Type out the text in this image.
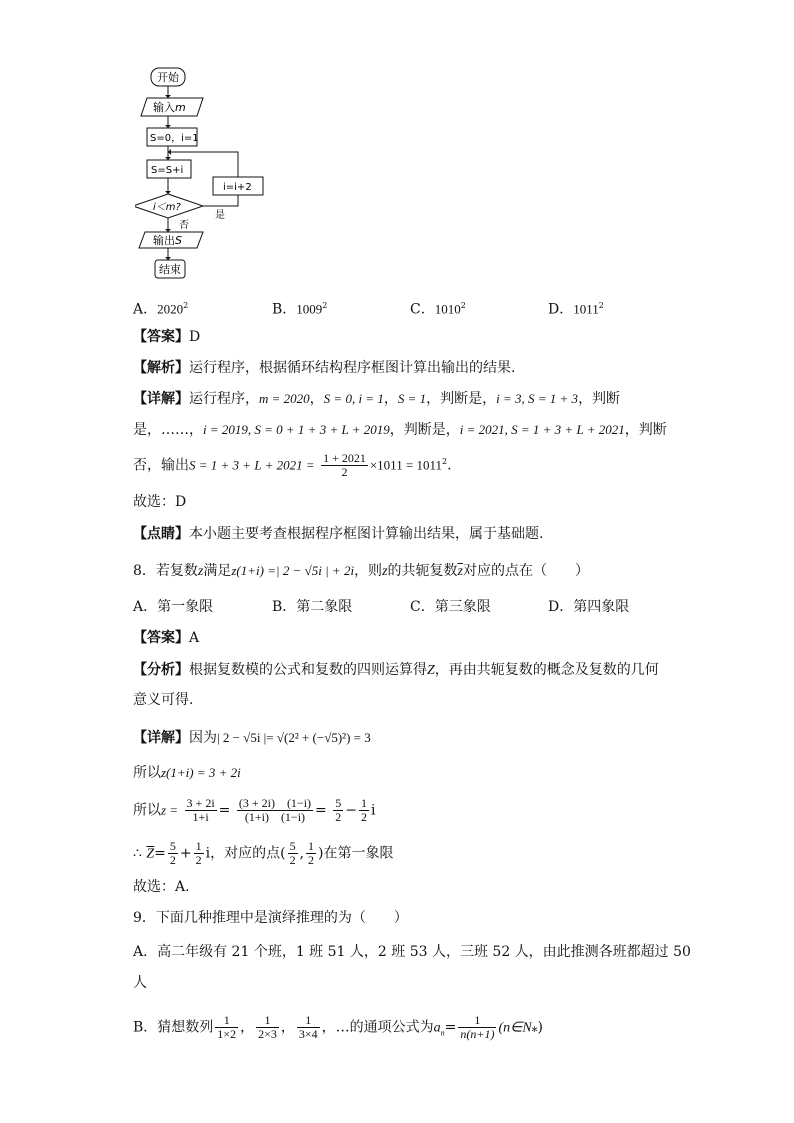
开始
输入m
S=0，i=1
S=S+i
i＜m?
i=i+2
是
否
输出S
结束
A．2020$^2$	B．1009$^2$	C．1010$^2$	D．1011$^2$
【答案】D
【解析】运行程序，根据循环结构程序框图计算出输出的结果.
【详解】运行程序，m = 2020，S = 0, i = 1，S = 1，判断是，i = 3, S = 1 + 3，判断
是，……，i = 2019, S = 0 + 1 + 3 + L + 2019，判断是，i = 2021, S = 1 + 3 + L + 2021，判断
否，输出$S = 1 + 3 + L + 2021 = \frac{1 + 2021}{2} \times 1011 = 1011^2$.
故选：D
【点睛】本小题主要考查根据程序框图计算输出结果，属于基础题.
8．若复数z满足z(1+i) =| 2 − √5i | + 2i，则z的共轭复数$\overline{z}$对应的点在（　　）
A．第一象限	B．第二象限	C．第三象限	D．第四象限
【答案】A
【分析】根据复数模的公式和复数的四则运算得Z，再由共轭复数的概念及复数的几何
意义可得.
【详解】因为| 2 − √5i |= √(2² + (−√5)²) = 3
所以z(1+i) = 3 + 2i
所以$z = \frac{3 + 2i}{1+i} = \frac{(3 + 2i) (1-i)}{(1+i) (1-i)} = \frac{5}{2} - \frac{1}{2}$ i
∴ $\overline{Z}= \frac{5}{2} + \frac{1}{2}$ i，对应的点( $\frac{5}{2}$ , $\frac{1}{2}$ )在第一象限
故选：A.
9．下面几种推理中是演绎推理的为（　　）
A．高二年级有 21 个班，1 班 51 人，2 班 53 人，三班 52 人，由此推测各班都超过 50
人
B．猜想数列 $\frac{1}{1\times 2}$ ， $\frac{1}{2\times 3}$ ， $\frac{1}{3\times 4}$ ，…的通项公式为$a_n= \frac{1}{n(n+1)}$ $(n\in N_*)$
